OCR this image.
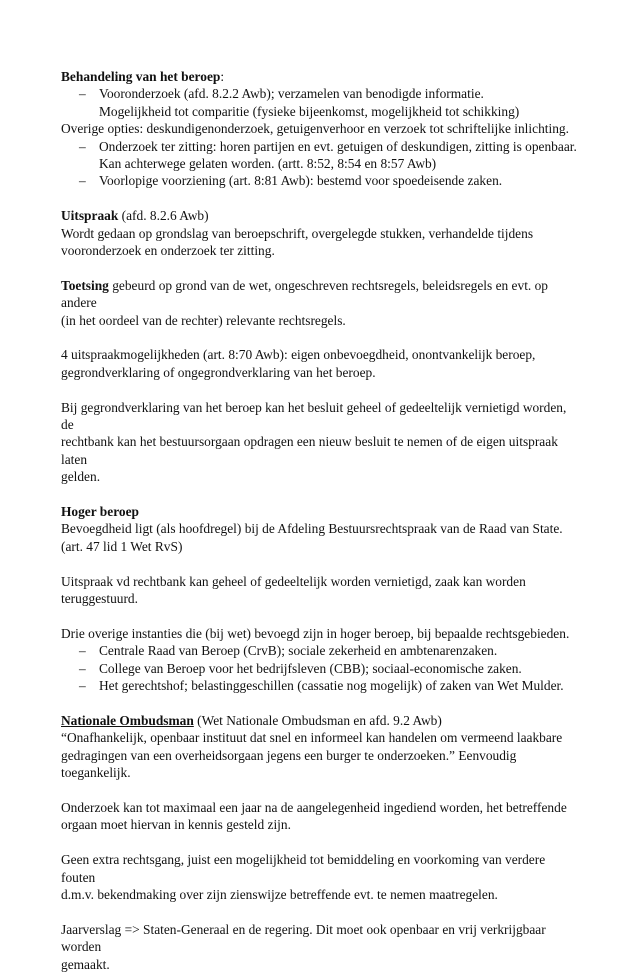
Behandeling van het beroep:

– Vooronderzoek (afd. 8.2.2 Awb); verzamelen van benodigde informatie.
Mogelijkheid tot comparitie (fysieke bijeenkomst, mogelijkheid tot schikking)

Overige opties: deskundigenonderzoek, getuigenverhoor en verzoek tot schriftelijke inlichting.

– Onderzoek ter zitting: horen partijen en evt. getuigen of deskundigen, zitting is openbaar.
Kan achterwege gelaten worden. (artt. 8:52, 8:54 en 8:57 Awb)
– Voorlopige voorziening (art. 8:81 Awb): bestemd voor spoedeisende zaken.

Uitspraak (afd. 8.2.6 Awb)

Wordt gedaan op grondslag van beroepschrift, overgelegde stukken, verhandelde tijdens

vooronderzoek en onderzoek ter zitting.

Toetsing gebeurd op grond van de wet, ongeschreven rechtsregels, beleidsregels en evt. op andere

(in het oordeel van de rechter) relevante rechtsregels.

4 uitspraakmogelijkheden (art. 8:70 Awb): eigen onbevoegdheid, onontvankelijk beroep,

gegrondverklaring of ongegrondverklaring van het beroep.

Bij gegrondverklaring van het beroep kan het besluit geheel of gedeeltelijk vernietigd worden, de

rechtbank kan het bestuursorgaan opdragen een nieuw besluit te nemen of de eigen uitspraak laten

gelden.

Hoger beroep

Bevoegdheid ligt (als hoofdregel) bij de Afdeling Bestuursrechtspraak van de Raad van State.

(art. 47 lid 1 Wet RvS)

Uitspraak vd rechtbank kan geheel of gedeeltelijk worden vernietigd, zaak kan worden

teruggestuurd.

Drie overige instanties die (bij wet) bevoegd zijn in hoger beroep, bij bepaalde rechtsgebieden.

– Centrale Raad van Beroep (CrvB); sociale zekerheid en ambtenarenzaken.
– College van Beroep voor het bedrijfsleven (CBB); sociaal-economische zaken.
– Het gerechtshof; belastinggeschillen (cassatie nog mogelijk) of zaken van Wet Mulder.

Nationale Ombudsman (Wet Nationale Ombudsman en afd. 9.2 Awb)

“Onafhankelijk, openbaar instituut dat snel en informeel kan handelen om vermeend laakbare

gedragingen van een overheidsorgaan jegens een burger te onderzoeken.” Eenvoudig toegankelijk.

Onderzoek kan tot maximaal een jaar na de aangelegenheid ingediend worden, het betreffende

orgaan moet hiervan in kennis gesteld zijn.

Geen extra rechtsgang, juist een mogelijkheid tot bemiddeling en voorkoming van verdere fouten

d.m.v. bekendmaking over zijn zienswijze betreffende evt. te nemen maatregelen.

Jaarverslag => Staten-Generaal en de regering. Dit moet ook openbaar en vrij verkrijgbaar worden

gemaakt.
